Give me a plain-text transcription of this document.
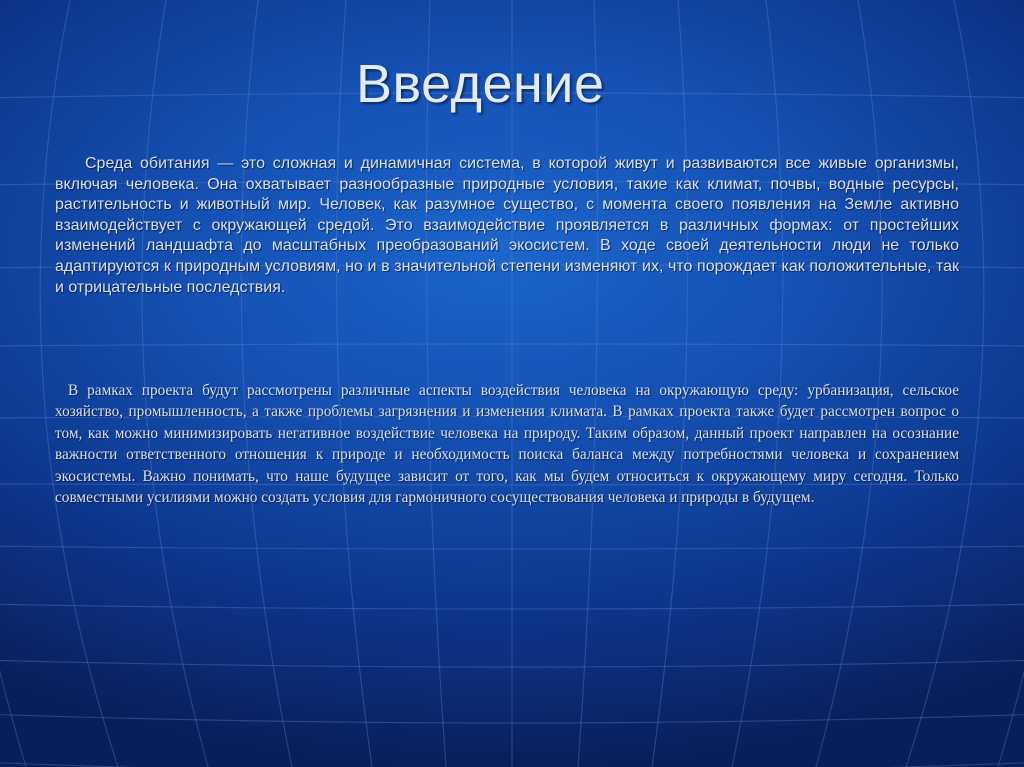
Введение

Среда обитания — это сложная и динамичная система, в которой живут и развиваются все живые организмы, включая человека. Она охватывает разнообразные природные условия, такие как климат, почвы, водные ресурсы, растительность и животный мир. Человек, как разумное существо, с момента своего появления на Земле активно взаимодействует с окружающей средой. Это взаимодействие проявляется в различных формах: от простейших изменений ландшафта до масштабных преобразований экосистем. В ходе своей деятельности люди не только адаптируются к природным условиям, но и в значительной степени изменяют их, что порождает как положительные, так и отрицательные последствия.

В рамках проекта будут рассмотрены различные аспекты воздействия человека на окружающую среду: урбанизация, сельское хозяйство, промышленность, а также проблемы загрязнения и изменения климата. В рамках проекта также будет рассмотрен вопрос о том, как можно минимизировать негативное воздействие человека на природу. Таким образом, данный проект направлен на осознание важности ответственного отношения к природе и необходимость поиска баланса между потребностями человека и сохранением экосистемы. Важно понимать, что наше будущее зависит от того, как мы будем относиться к окружающему миру сегодня. Только совместными усилиями можно создать условия для гармоничного сосуществования человека и природы в будущем.
